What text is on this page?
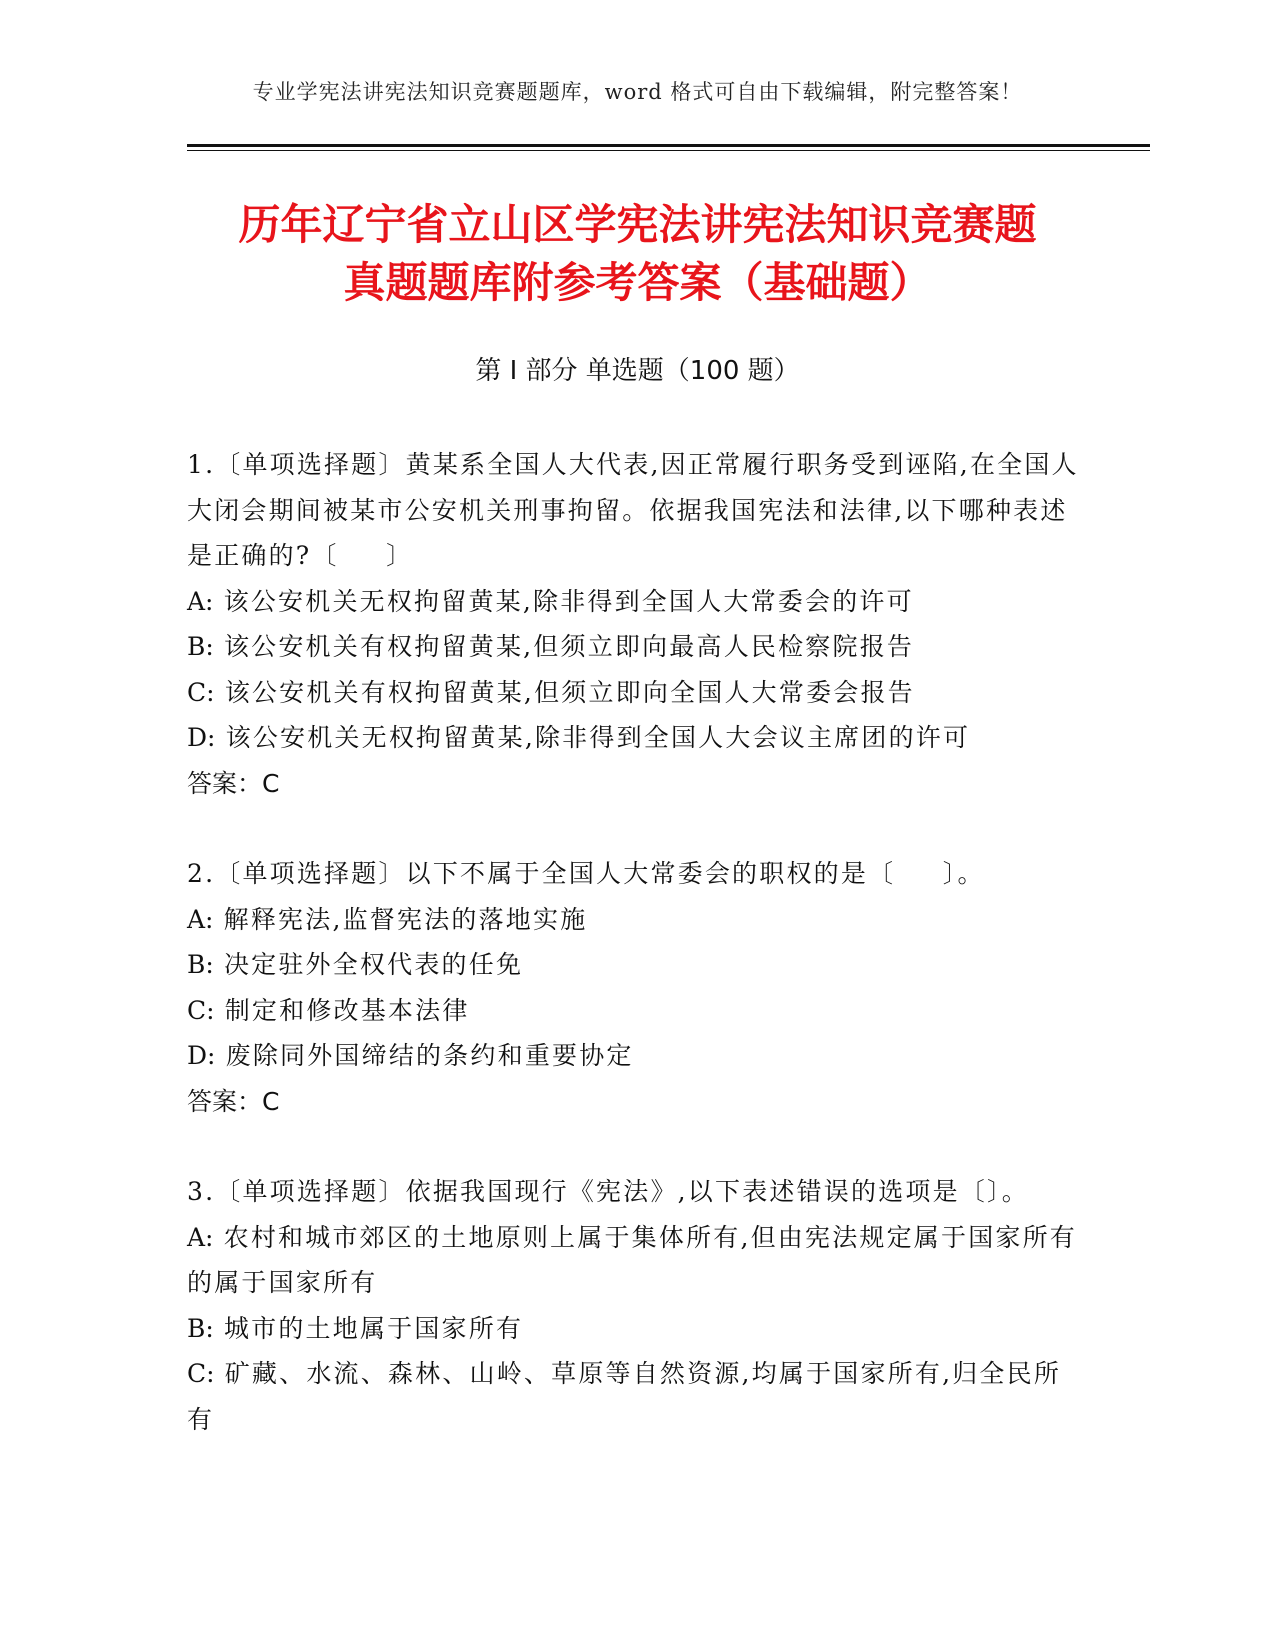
专业学宪法讲宪法知识竞赛题题库，word 格式可自由下载编辑，附完整答案！
历年辽宁省立山区学宪法讲宪法知识竞赛题
真题题库附参考答案（基础题）
第 I 部分 单选题（100 题）
1.〔单项选择题〕黄某系全国人大代表,因正常履行职务受到诬陷,在全国人大闭会期间被某市公安机关刑事拘留。依据我国宪法和法律,以下哪种表述是正确的?〔 　 〕
A: 该公安机关无权拘留黄某,除非得到全国人大常委会的许可
B: 该公安机关有权拘留黄某,但须立即向最高人民检察院报告
C: 该公安机关有权拘留黄某,但须立即向全国人大常委会报告
D: 该公安机关无权拘留黄某,除非得到全国人大会议主席团的许可
答案：C
2.〔单项选择题〕以下不属于全国人大常委会的职权的是〔 　 〕。
A: 解释宪法,监督宪法的落地实施
B: 决定驻外全权代表的任免
C: 制定和修改基本法律
D: 废除同外国缔结的条约和重要协定
答案：C
3.〔单项选择题〕依据我国现行《宪法》,以下表述错误的选项是〔〕。
A: 农村和城市郊区的土地原则上属于集体所有,但由宪法规定属于国家所有的属于国家所有
B: 城市的土地属于国家所有
C: 矿藏、水流、森林、山岭、草原等自然资源,均属于国家所有,归全民所有
